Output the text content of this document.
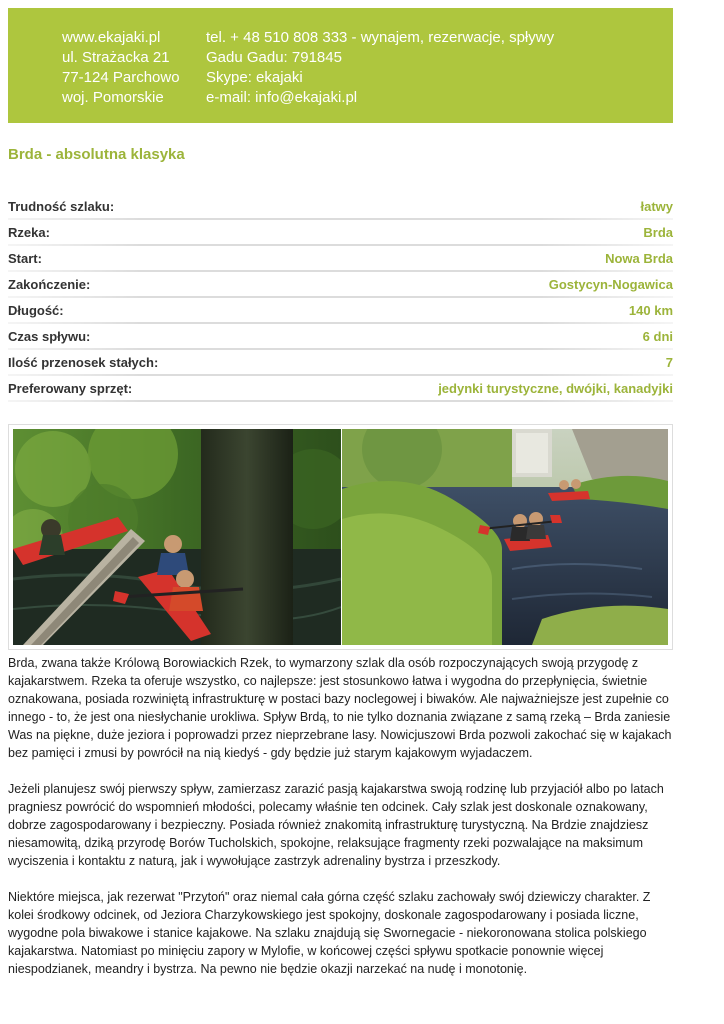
www.ekajaki.pl
ul. Strażacka 21
77-124 Parchowo
woj. Pomorskie
tel. + 48 510 808 333 - wynajem, rezerwacje, spływy
Gadu Gadu: 791845
Skype: ekajaki
e-mail: info@ekajaki.pl
Brda - absolutna klasyka
Trudność szlaku:	łatwy
Rzeka:	Brda
Start:	Nowa Brda
Zakończenie:	Gostycyn-Nogawica
Długość:	140 km
Czas spływu:	6 dni
Ilość przenosek stałych:	7
Preferowany sprzęt:	jedynki turystyczne, dwójki, kanadyjki

Brda, zwana także Królową Borowiackich Rzek, to wymarzony szlak dla osób rozpoczynających swoją przygodę z kajakarstwem. Rzeka ta oferuje wszystko, co najlepsze: jest stosunkowo łatwa i wygodna do przepłynięcia, świetnie oznakowana, posiada rozwiniętą infrastrukturę w postaci bazy noclegowej i biwaków. Ale najważniejsze jest zupełnie co innego - to, że jest ona niesłychanie urokliwa. Spływ Brdą, to nie tylko doznania związane z samą rzeką – Brda zaniesie Was na piękne, duże jeziora i poprowadzi przez nieprzebrane lasy. Nowicjuszowi Brda pozwoli zakochać się w kajakach bez pamięci i zmusi by powrócił na nią kiedyś - gdy będzie już starym kajakowym wyjadaczem.

Jeżeli planujesz swój pierwszy spływ, zamierzasz zarazić pasją kajakarstwa swoją rodzinę lub przyjaciół albo po latach pragniesz powrócić do wspomnień młodości, polecamy właśnie ten odcinek. Cały szlak jest doskonale oznakowany, dobrze zagospodarowany i bezpieczny. Posiada również znakomitą infrastrukturę turystyczną. Na Brdzie znajdziesz niesamowitą, dziką przyrodę Borów Tucholskich, spokojne, relaksujące fragmenty rzeki pozwalające na maksimum wyciszenia i kontaktu z naturą, jak i wywołujące zastrzyk adrenaliny bystrza i przeszkody.

Niektóre miejsca, jak rezerwat "Przytoń" oraz niemal cała górna część szlaku zachowały swój dziewiczy charakter. Z kolei środkowy odcinek, od Jeziora Charzykowskiego jest spokojny, doskonale zagospodarowany i posiada liczne, wygodne pola biwakowe i stanice kajakowe. Na szlaku znajdują się Swornegacie - niekoronowana stolica polskiego kajakarstwa. Natomiast po minięciu zapory w Mylofie, w końcowej części spływu spotkacie ponownie więcej niespodzianek, meandry i bystrza. Na pewno nie będzie okazji narzekać na nudę i monotonię.
